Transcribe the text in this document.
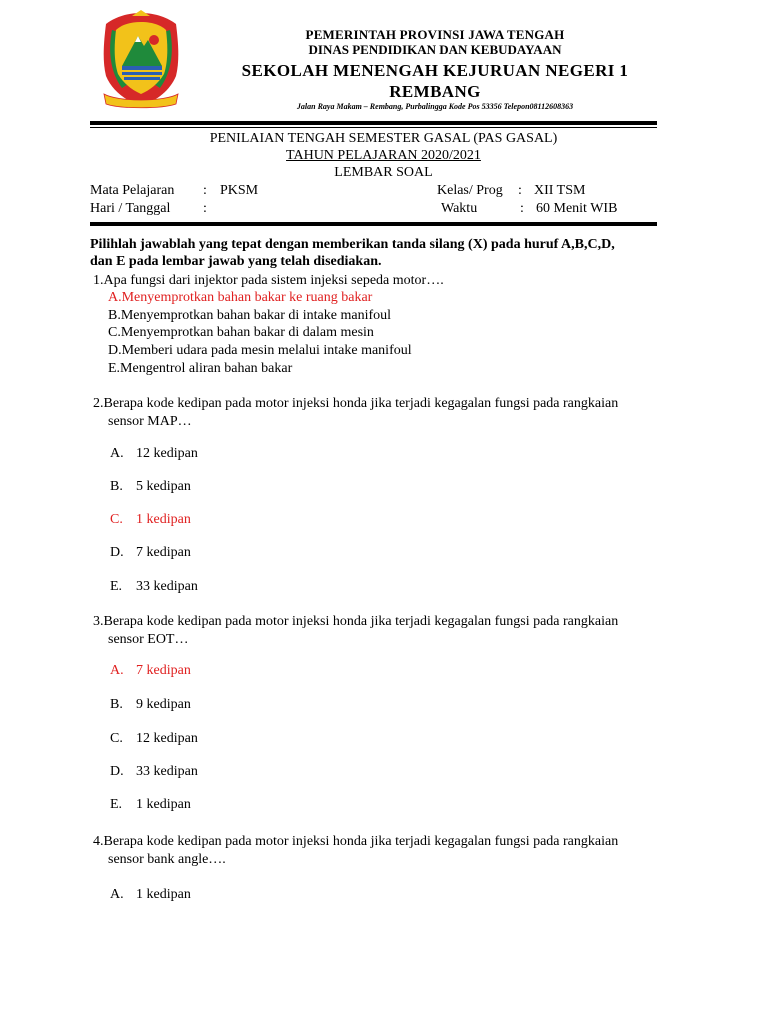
PEMERINTAH PROVINSI JAWA TENGAH
DINAS PENDIDIKAN DAN KEBUDAYAAN
SEKOLAH MENENGAH KEJURUAN NEGERI 1
REMBANG
Jalan Raya Makam – Rembang, Purbalingga Kode Pos 53356 Telepon08112608363
PENILAIAN TENGAH SEMESTER GASAL (PAS GASAL)
TAHUN PELAJARAN 2020/2021
LEMBAR SOAL
Mata Pelajaran : PKSM	Kelas/ Prog : XII TSM
Hari / Tanggal :	Waktu	: 60 Menit WIB
Pilihlah jawablah yang tepat dengan memberikan tanda silang (X) pada huruf A,B,C,D,
dan E pada lembar jawab yang telah disediakan.
1.Apa fungsi dari injektor pada sistem injeksi sepeda motor….
A.Menyemprotkan bahan bakar ke ruang bakar
B.Menyemprotkan bahan bakar di intake manifoul
C.Menyemprotkan bahan bakar di dalam mesin
D.Memberi udara pada mesin melalui intake manifoul
E.Mengentrol aliran bahan bakar
2.Berapa kode kedipan pada motor injeksi honda jika terjadi kegagalan fungsi pada rangkaian
sensor MAP…
A. 12 kedipan
B. 5 kedipan
C. 1 kedipan
D. 7 kedipan
E. 33 kedipan
3.Berapa kode kedipan pada motor injeksi honda jika terjadi kegagalan fungsi pada rangkaian
sensor EOT…
A. 7 kedipan
B. 9 kedipan
C. 12 kedipan
D. 33 kedipan
E. 1 kedipan
4.Berapa kode kedipan pada motor injeksi honda jika terjadi kegagalan fungsi pada rangkaian
sensor bank angle….
A. 1 kedipan
